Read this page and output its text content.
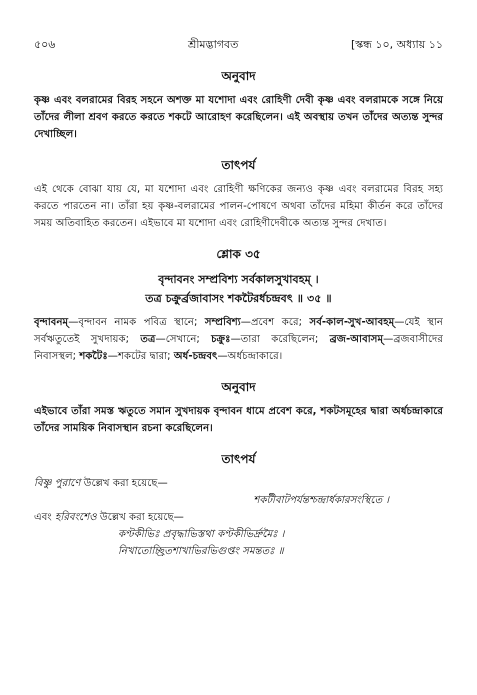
৫০৬	শ্রীমদ্ভাগবত	[স্কন্ধ ১০, অধ্যায় ১১
অনুবাদ

কৃষ্ণ এবং বলরামের বিরহ সহনে অশক্ত মা যশোদা এবং রোহিণী দেবী কৃষ্ণ এবং বলরামকে সঙ্গে নিয়ে তাঁদের লীলা শ্রবণ করতে করতে শকটে আরোহণ করেছিলেন। এই অবস্থায় তখন তাঁদের অত্যন্ত সুন্দর দেখাচ্ছিল।

তাৎপর্য

এই থেকে বোঝা যায় যে, মা যশোদা এবং রোহিণী ক্ষণিকের জন্যও কৃষ্ণ এবং বলরামের বিরহ সহ্য করতে পারতেন না। তাঁরা হয় কৃষ্ণ-বলরামের পালন-পোষণে অথবা তাঁদের মহিমা কীর্তন করে তাঁদের সময় অতিবাহিত করতেন। এইভাবে মা যশোদা এবং রোহিণীদেবীকে অত্যন্ত সুন্দর দেখাত।

শ্লোক ৩৫

বৃন্দাবনং সম্প্রবিশ্য সর্বকালসুখাবহম্ ।

তত্র চক্রুর্ব্রজাবাসং শকটৈরর্ধচন্দ্রবৎ ॥ ৩৫ ॥

বৃন্দাবনম্—বৃন্দাবন নামক পবিত্র স্থানে; সম্প্রবিশ্য—প্রবেশ করে; সর্ব-কাল-সুখ-আবহম্—যেই স্থান সর্বঋতুতেই সুখদায়ক; তত্র—সেখানে; চক্রুঃ—তারা করেছিলেন; ব্রজ-আবাসম্—ব্রজবাসীদের নিবাসস্থল; শকটৈঃ—শকটের দ্বারা; অর্ধ-চন্দ্রবৎ—অর্ধচন্দ্রাকারে।

অনুবাদ

এইভাবে তাঁরা সমস্ত ঋতুতে সমান সুখদায়ক বৃন্দাবন ধামে প্রবেশ করে, শকটসমূহের দ্বারা অর্ধচন্দ্রাকারে তাঁদের সাময়িক নিবাসস্থান রচনা করেছিলেন।

তাৎপর্য

বিষ্ণু পুরাণে উল্লেখ করা হয়েছে—

শকটীবাটপর্যন্তশ্চন্দ্রার্ধকারসংস্থিতে ।

এবং হরিবংশেও উল্লেখ করা হয়েছে—

কণ্টকীভিঃ প্রবৃদ্ধাভিস্তথা কণ্টকীভির্দ্রুমৈঃ ।

নিখাতোচ্ছ্রিতশাখাভিরভিগুপ্তং সমন্ততঃ ॥
